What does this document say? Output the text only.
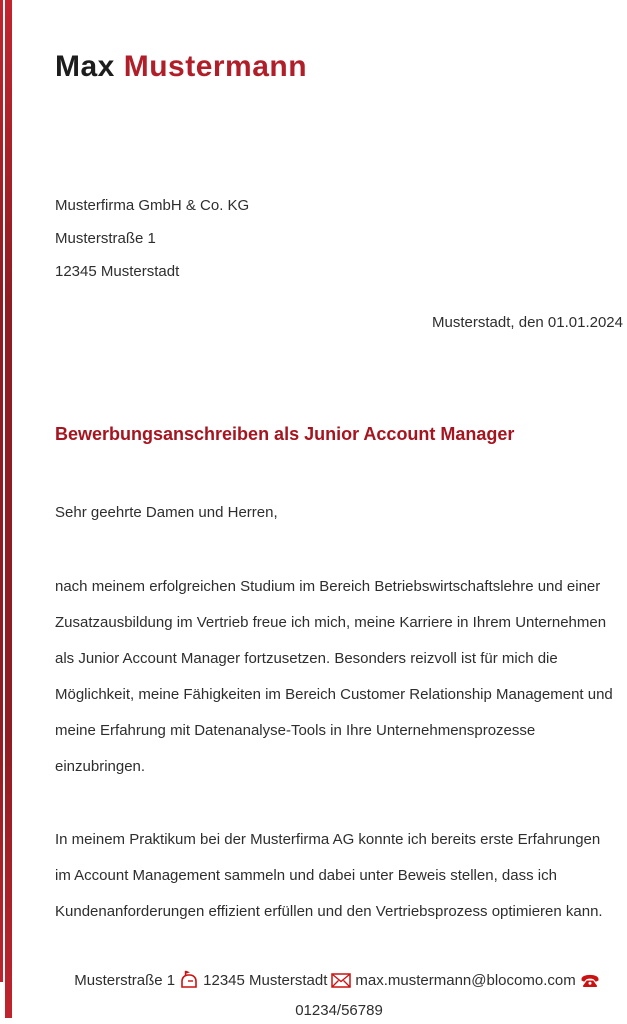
Max Mustermann
Musterfirma GmbH & Co. KG
Musterstraße 1
12345 Musterstadt
Musterstadt, den 01.01.2024
Bewerbungsanschreiben als Junior Account Manager
Sehr geehrte Damen und Herren,
nach meinem erfolgreichen Studium im Bereich Betriebswirtschaftslehre und einer
Zusatzausbildung im Vertrieb freue ich mich, meine Karriere in Ihrem Unternehmen
als Junior Account Manager fortzusetzen. Besonders reizvoll ist für mich die
Möglichkeit, meine Fähigkeiten im Bereich Customer Relationship Management und
meine Erfahrung mit Datenanalyse-Tools in Ihre Unternehmensprozesse
einzubringen.
In meinem Praktikum bei der Musterfirma AG konnte ich bereits erste Erfahrungen
im Account Management sammeln und dabei unter Beweis stellen, dass ich
Kundenanforderungen effizient erfüllen und den Vertriebsprozess optimieren kann.
Musterstraße 1 12345 Musterstadt max.mustermann@blocomo.com
01234/56789
